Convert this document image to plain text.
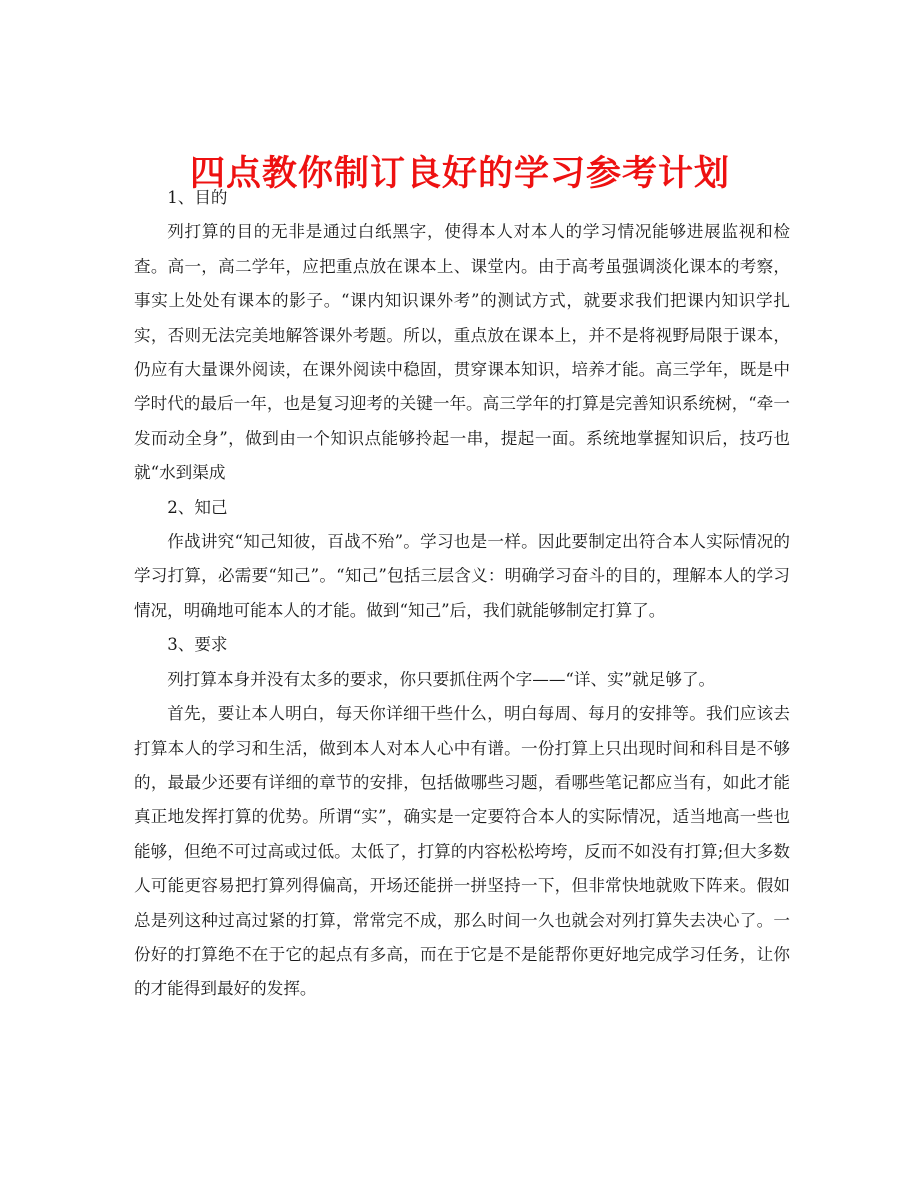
四点教你制订良好的学习参考计划

1、目的

列打算的目的无非是通过白纸黑字，使得本人对本人的学习情况能够进展监视和检查。高一，高二学年，应把重点放在课本上、课堂内。由于高考虽强调淡化课本的考察，事实上处处有课本的影子。“课内知识课外考”的测试方式，就要求我们把课内知识学扎实，否则无法完美地解答课外考题。所以，重点放在课本上，并不是将视野局限于课本，仍应有大量课外阅读，在课外阅读中稳固，贯穿课本知识，培养才能。高三学年，既是中学时代的最后一年，也是复习迎考的关键一年。高三学年的打算是完善知识系统树，“牵一发而动全身”，做到由一个知识点能够拎起一串，提起一面。系统地掌握知识后，技巧也就“水到渠成

2、知己

作战讲究“知己知彼，百战不殆”。学习也是一样。因此要制定出符合本人实际情况的学习打算，必需要“知己”。“知己”包括三层含义：明确学习奋斗的目的，理解本人的学习情况，明确地可能本人的才能。做到“知己”后，我们就能够制定打算了。

3、要求

列打算本身并没有太多的要求，你只要抓住两个字——“详、实”就足够了。

首先，要让本人明白，每天你详细干些什么，明白每周、每月的安排等。我们应该去打算本人的学习和生活，做到本人对本人心中有谱。一份打算上只出现时间和科目是不够的，最最少还要有详细的章节的安排，包括做哪些习题，看哪些笔记都应当有，如此才能真正地发挥打算的优势。所谓“实”，确实是一定要符合本人的实际情况，适当地高一些也能够，但绝不可过高或过低。太低了，打算的内容松松垮垮，反而不如没有打算;但大多数人可能更容易把打算列得偏高，开场还能拼一拼坚持一下，但非常快地就败下阵来。假如总是列这种过高过紧的打算，常常完不成，那么时间一久也就会对列打算失去决心了。一份好的打算绝不在于它的起点有多高，而在于它是不是能帮你更好地完成学习任务，让你的才能得到最好的发挥。
